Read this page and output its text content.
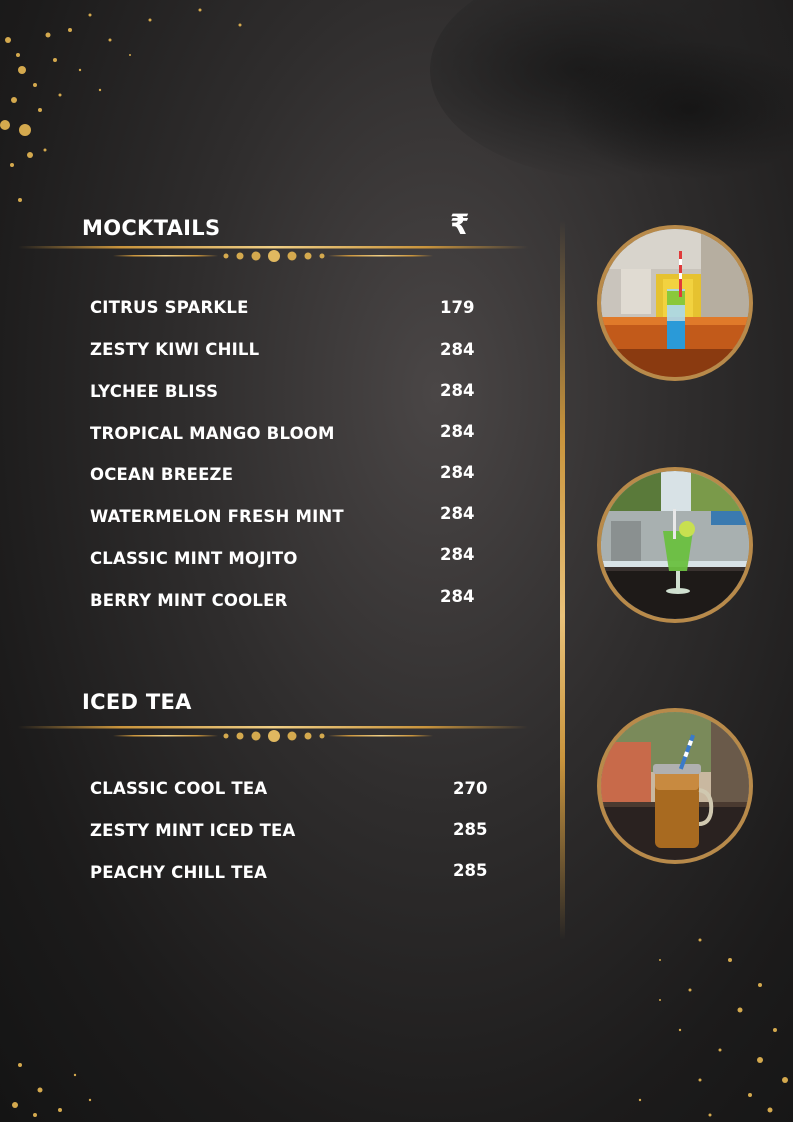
MOCKTAILS	₹
CITRUS SPARKLE	179
ZESTY KIWI CHILL	284
LYCHEE BLISS	284
TROPICAL MANGO BLOOM	284
OCEAN BREEZE	284
WATERMELON FRESH MINT	284
CLASSIC MINT MOJITO	284
BERRY MINT COOLER	284
ICED TEA
CLASSIC COOL TEA	270
ZESTY MINT ICED TEA	285
PEACHY CHILL TEA	285
